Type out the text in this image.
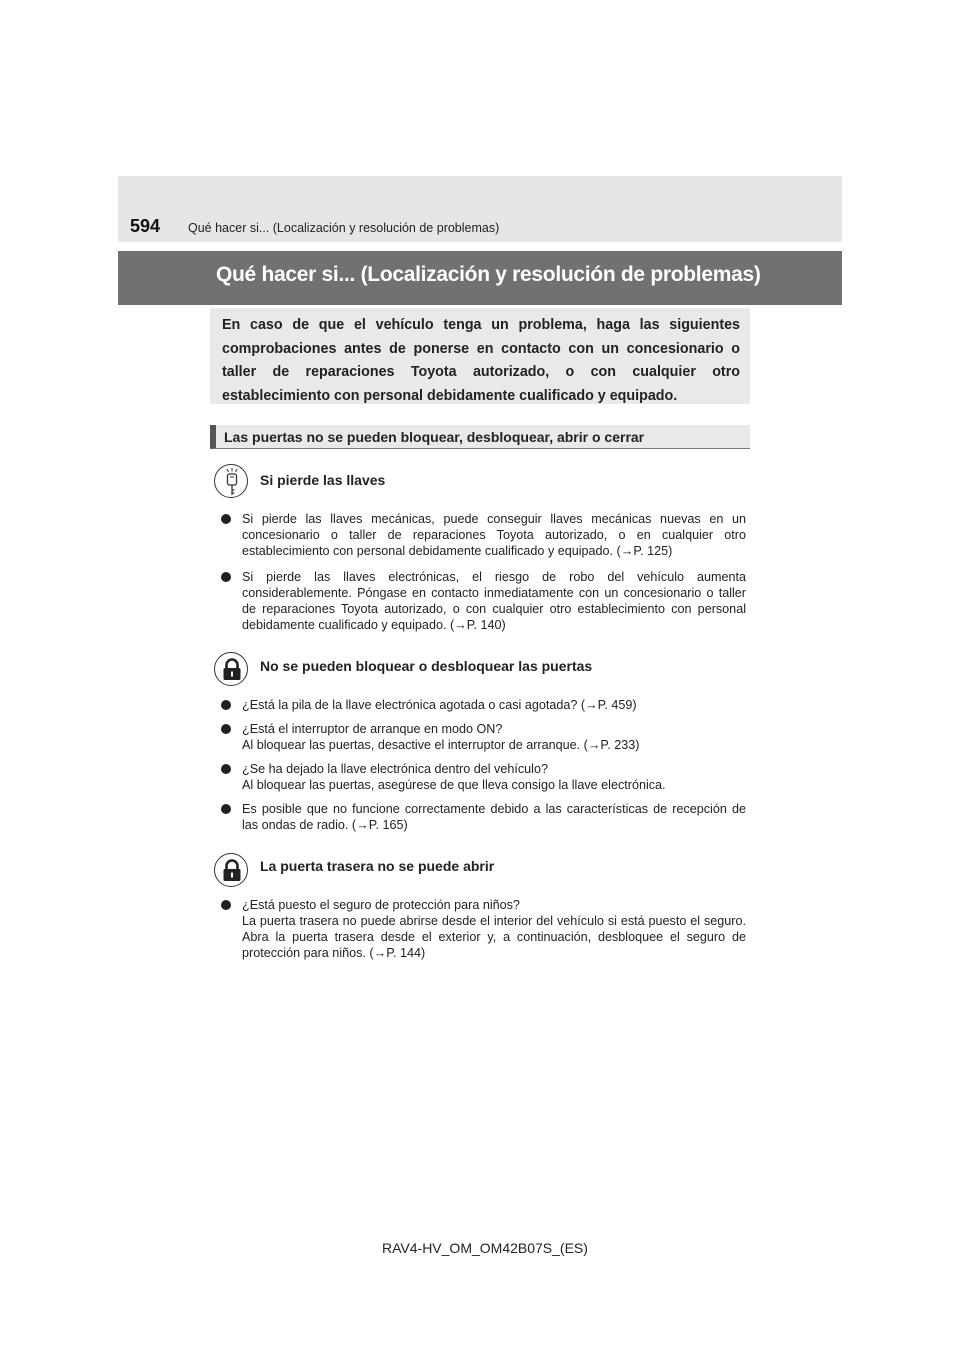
594 Qué hacer si... (Localización y resolución de problemas)
Qué hacer si... (Localización y resolución de problemas)
En caso de que el vehículo tenga un problema, haga las siguientes comprobaciones antes de ponerse en contacto con un concesionario o taller de reparaciones Toyota autorizado, o con cualquier otro establecimiento con personal debidamente cualificado y equipado.
Las puertas no se pueden bloquear, desbloquear, abrir o cerrar
Si pierde las llaves
Si pierde las llaves mecánicas, puede conseguir llaves mecánicas nuevas en un concesionario o taller de reparaciones Toyota autorizado, o en cualquier otro establecimiento con personal debidamente cualificado y equipado. (→P. 125)
Si pierde las llaves electrónicas, el riesgo de robo del vehículo aumenta considerablemente. Póngase en contacto inmediatamente con un concesionario o taller de reparaciones Toyota autorizado, o con cualquier otro establecimiento con personal debidamente cualificado y equipado. (→P. 140)
No se pueden bloquear o desbloquear las puertas
¿Está la pila de la llave electrónica agotada o casi agotada? (→P. 459)
¿Está el interruptor de arranque en modo ON?
Al bloquear las puertas, desactive el interruptor de arranque. (→P. 233)
¿Se ha dejado la llave electrónica dentro del vehículo?
Al bloquear las puertas, asegúrese de que lleva consigo la llave electrónica.
Es posible que no funcione correctamente debido a las características de recepción de las ondas de radio. (→P. 165)
La puerta trasera no se puede abrir
¿Está puesto el seguro de protección para niños?
La puerta trasera no puede abrirse desde el interior del vehículo si está puesto el seguro. Abra la puerta trasera desde el exterior y, a continuación, desbloquee el seguro de protección para niños. (→P. 144)
RAV4-HV_OM_OM42B07S_(ES)
